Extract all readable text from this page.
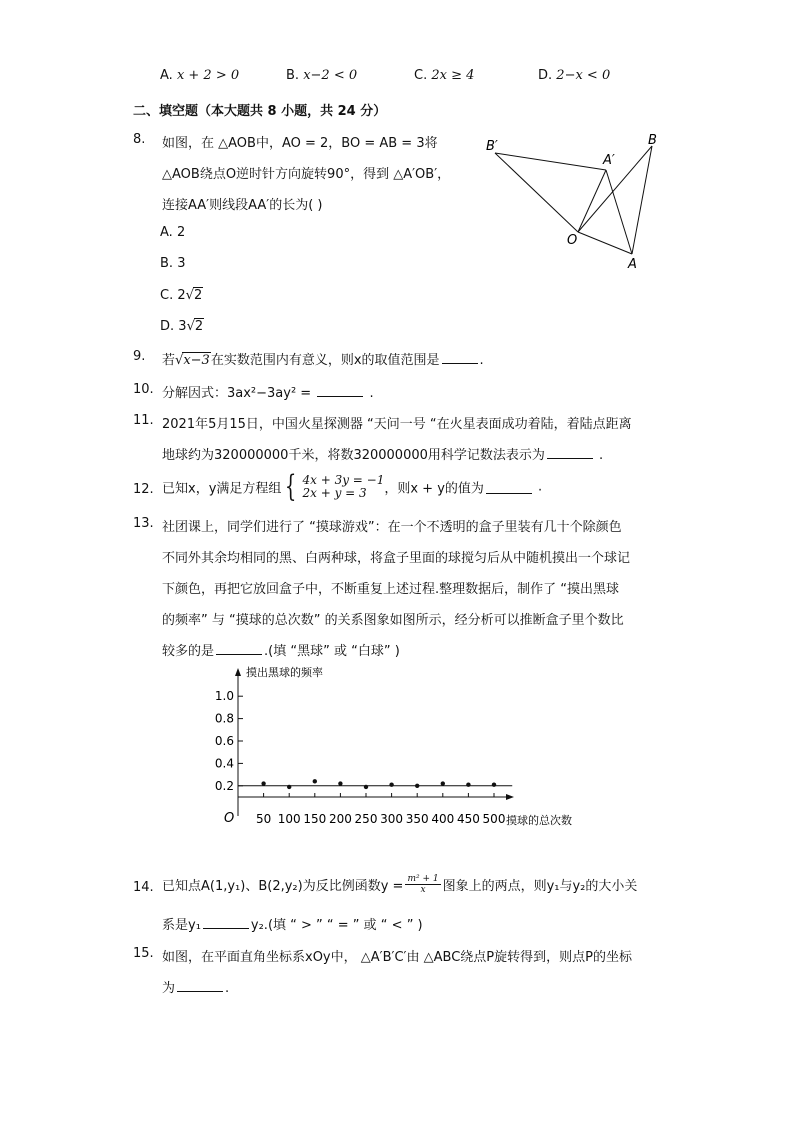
A. x + 2 > 0	B. x−2 < 0	C. 2x ≥ 4	D. 2−x < 0
二、填空题（本大题共 8 小题，共 24 分）
8. 如图，在 △AOB中，AO = 2，BO = AB = 3将
△AOB绕点O逆时针方向旋转90°，得到 △A′OB′，
连接AA′则线段AA′的长为( )
A. 2
B. 3
C. 2√2
D. 3√2
B′
A′
B
O
A
9. 若√x−3在实数范围内有意义，则x的取值范围是	.
10. 分解因式：3ax²−3ay² =	.
11. 2021年5月15日，中国火星探测器 “天问一号 “在火星表面成功着陆，着陆点距离
地球约为320000000千米，将数320000000用科学记数法表示为	.
12. 已知x，y满足方程组 { 4x + 3y = −1
2x + y = 3	，则x + y的值为	.
13. 社团课上，同学们进行了 “摸球游戏”：在一个不透明的盒子里装有几十个除颜色
不同外其余均相同的黑、白两种球，将盒子里面的球搅匀后从中随机摸出一个球记
下颜色，再把它放回盒子中，不断重复上述过程.整理数据后，制作了 “摸出黑球
的频率” 与 “摸球的总次数” 的关系图象如图所示，经分析可以推断盒子里个数比
较多的是	.(填 “黑球” 或 “白球” )
摸出黑球的频率
摸球的总次数
O
0.2
0.4
0.6
0.8
1.0
50 100 150 200 250 300 350 400 450 500
14. 已知点A(1,y₁)、B(2,y₂)为反比例函数$y = \frac{\text{m² + 1}}{x}$ 图象上的两点，则y₁与y₂的大小关
系是y₁	y₂.(填 “ > ” “ = ” 或 “ < ” )
15. 如图，在平面直角坐标系xOy中， △A′B′C′由 △ABC绕点P旋转得到，则点P的坐标
为	.
